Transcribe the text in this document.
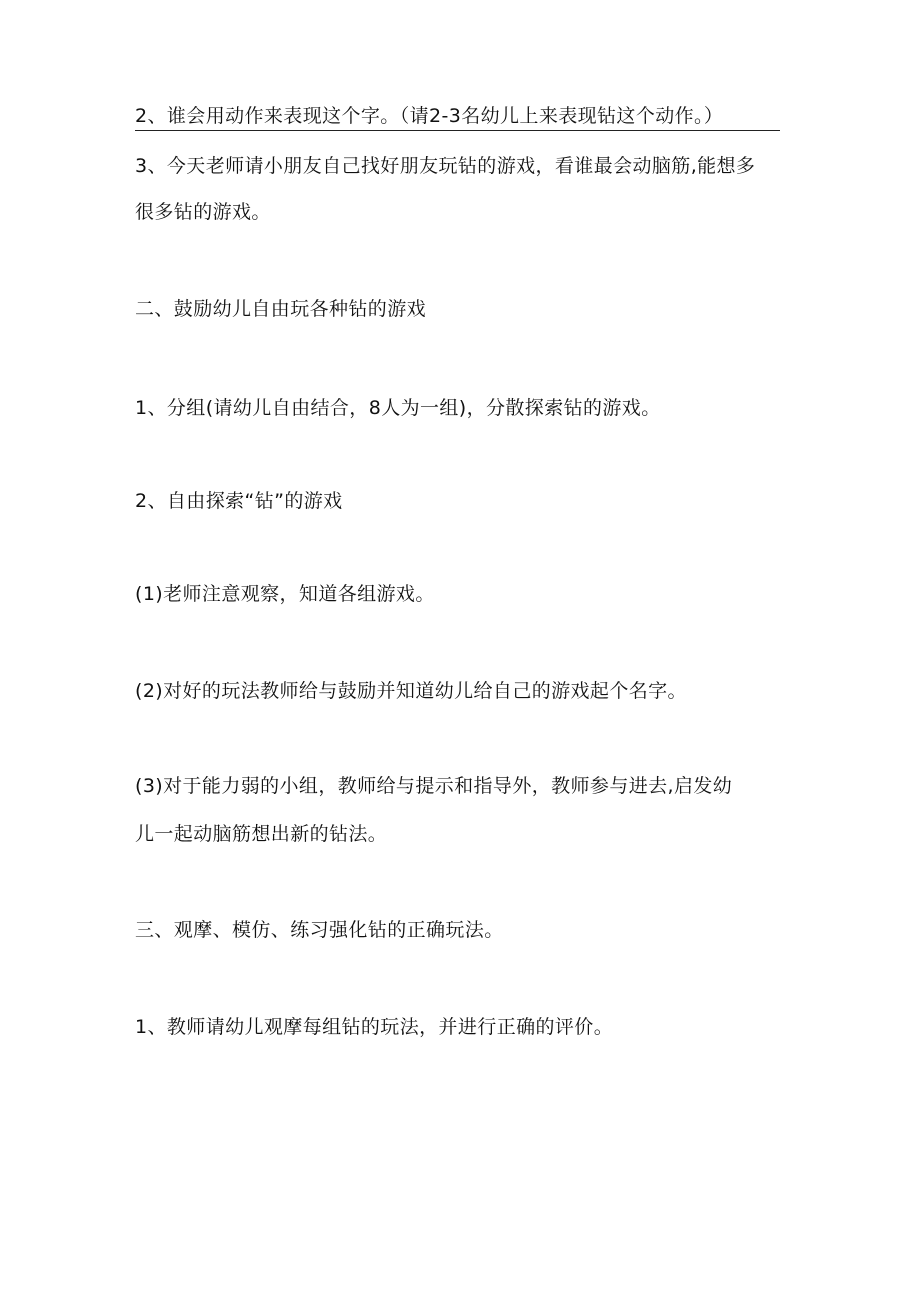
2、谁会用动作来表现这个字。（请2-3名幼儿上来表现钻这个动作。）
3、今天老师请小朋友自己找好朋友玩钻的游戏，看谁最会动脑筋,能想多
很多钻的游戏。
二、鼓励幼儿自由玩各种钻的游戏
1、分组(请幼儿自由结合，8人为一组)，分散探索钻的游戏。
2、自由探索“钻”的游戏
(1)老师注意观察，知道各组游戏。
(2)对好的玩法教师给与鼓励并知道幼儿给自己的游戏起个名字。
(3)对于能力弱的小组，教师给与提示和指导外，教师参与进去,启发幼
儿一起动脑筋想出新的钻法。
三、观摩、模仿、练习强化钻的正确玩法。
1、教师请幼儿观摩每组钻的玩法，并进行正确的评价。
